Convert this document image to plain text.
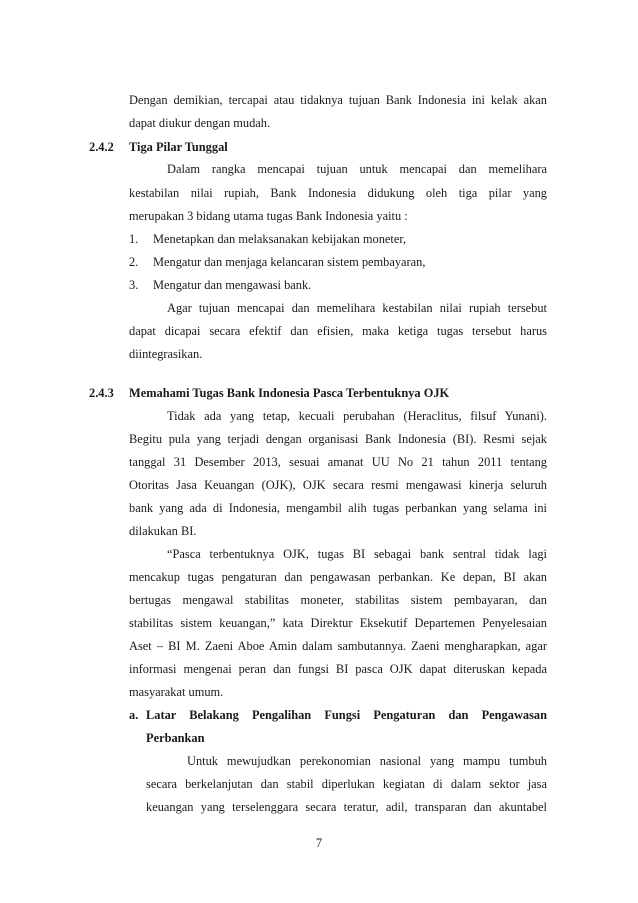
Dengan demikian, tercapai atau tidaknya tujuan Bank Indonesia ini kelak akan
dapat diukur dengan mudah.
2.4.2 Tiga Pilar Tunggal
Dalam rangka mencapai tujuan untuk mencapai dan memelihara
kestabilan nilai rupiah, Bank Indonesia didukung oleh tiga pilar yang
merupakan 3 bidang utama tugas Bank Indonesia yaitu :
1. Menetapkan dan melaksanakan kebijakan moneter,
2. Mengatur dan menjaga kelancaran sistem pembayaran,
3. Mengatur dan mengawasi bank.
Agar tujuan mencapai dan memelihara kestabilan nilai rupiah tersebut
dapat dicapai secara efektif dan efisien, maka ketiga tugas tersebut harus
diintegrasikan.
2.4.3 Memahami Tugas Bank Indonesia Pasca Terbentuknya OJK
Tidak ada yang tetap, kecuali perubahan (Heraclitus, filsuf Yunani).
Begitu pula yang terjadi dengan organisasi Bank Indonesia (BI). Resmi sejak
tanggal 31 Desember 2013, sesuai amanat UU No 21 tahun 2011 tentang
Otoritas Jasa Keuangan (OJK), OJK secara resmi mengawasi kinerja seluruh
bank yang ada di Indonesia, mengambil alih tugas perbankan yang selama ini
dilakukan BI.
“Pasca terbentuknya OJK, tugas BI sebagai bank sentral tidak lagi
mencakup tugas pengaturan dan pengawasan perbankan. Ke depan, BI akan
bertugas mengawal stabilitas moneter, stabilitas sistem pembayaran, dan
stabilitas sistem keuangan,” kata Direktur Eksekutif Departemen Penyelesaian
Aset – BI M. Zaeni Aboe Amin dalam sambutannya. Zaeni mengharapkan, agar
informasi mengenai peran dan fungsi BI pasca OJK dapat diteruskan kepada
masyarakat umum.
a. Latar Belakang Pengalihan Fungsi Pengaturan dan Pengawasan
Perbankan
Untuk mewujudkan perekonomian nasional yang mampu tumbuh
secara berkelanjutan dan stabil diperlukan kegiatan di dalam sektor jasa
keuangan yang terselenggara secara teratur, adil, transparan dan akuntabel
7
